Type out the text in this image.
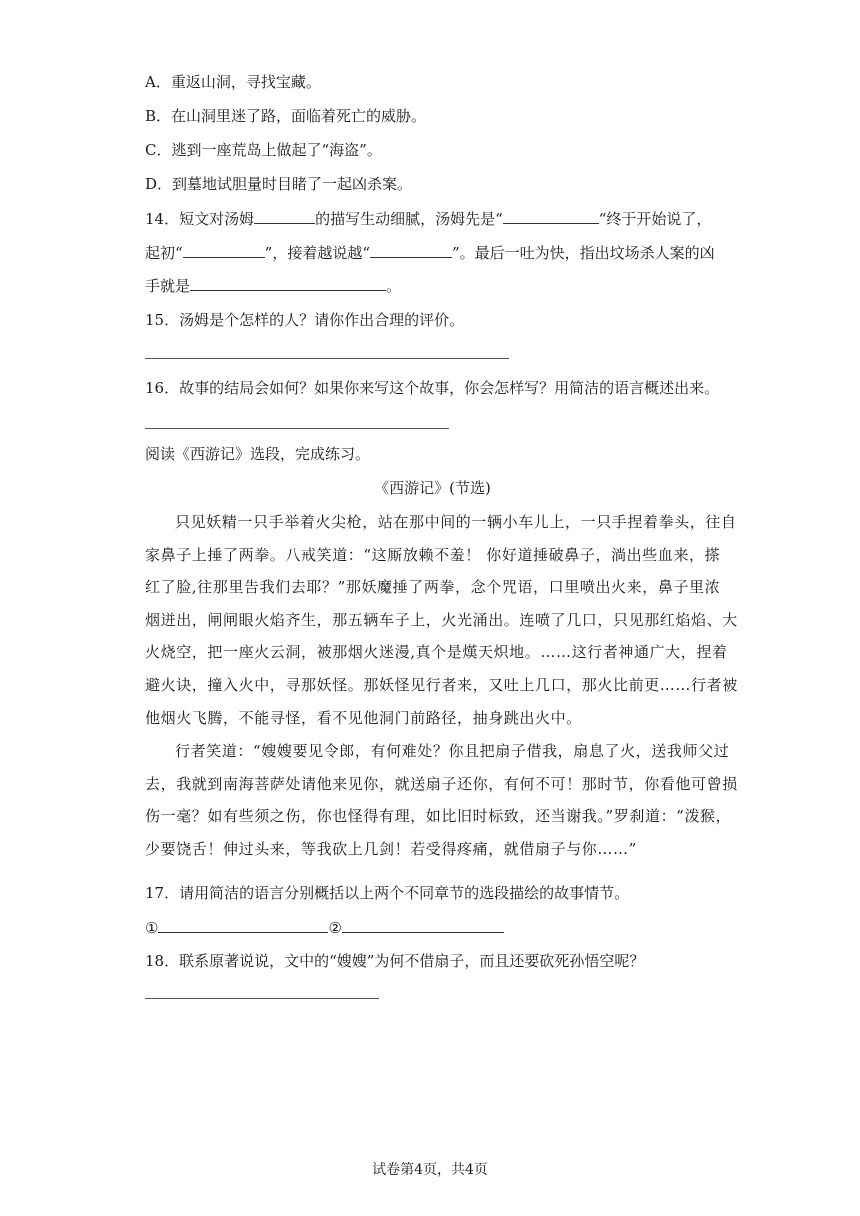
A．重返山洞，寻找宝藏。
B．在山洞里迷了路，面临着死亡的威胁。
C．逃到一座荒岛上做起了“海盗”。
D．到墓地试胆量时目睹了一起凶杀案。
14．短文对汤姆	的描写生动细腻，汤姆先是“	“终于开始说了，
起初“	”，接着越说越“	”。最后一吐为快，指出坟场杀人案的凶
手就是	。
15．汤姆是个怎样的人？请你作出合理的评价。
16．故事的结局会如何？如果你来写这个故事，你会怎样写？用简洁的语言概述出来。
阅读《西游记》选段，完成练习。
《西游记》(节选)
只见妖精一只手举着火尖枪，站在那中间的一辆小车儿上，一只手捏着拳头，往自
家鼻子上捶了两拳。八戒笑道：“这厮放赖不羞！ 你好道捶破鼻子，淌出些血来，搽
红了脸,往那里告我们去耶？”那妖魔捶了两拳，念个咒语，口里喷出火来，鼻子里浓
烟迸出，闸闸眼火焰齐生，那五辆车子上，火光涌出。连喷了几口，只见那红焰焰、大
火烧空，把一座火云洞，被那烟火迷漫,真个是熯天炽地。……这行者神通广大，捏着
避火诀，撞入火中，寻那妖怪。那妖怪见行者来，又吐上几口，那火比前更……行者被
他烟火飞腾，不能寻怪，看不见他洞门前路径，抽身跳出火中。
行者笑道：“嫂嫂要见令郎，有何难处？你且把扇子借我，扇息了火，送我师父过
去，我就到南海菩萨处请他来见你，就送扇子还你，有何不可！那时节，你看他可曾损
伤一毫？如有些须之伤，你也怪得有理，如比旧时标致，还当谢我。”罗刹道：“泼猴，
少要饶舌！伸过头来，等我砍上几剑！若受得疼痛，就借扇子与你……”
17．请用简洁的语言分别概括以上两个不同章节的选段描绘的故事情节。
①	②
18．联系原著说说，文中的“嫂嫂”为何不借扇子，而且还要砍死孙悟空呢？
试卷第4页，共4页
